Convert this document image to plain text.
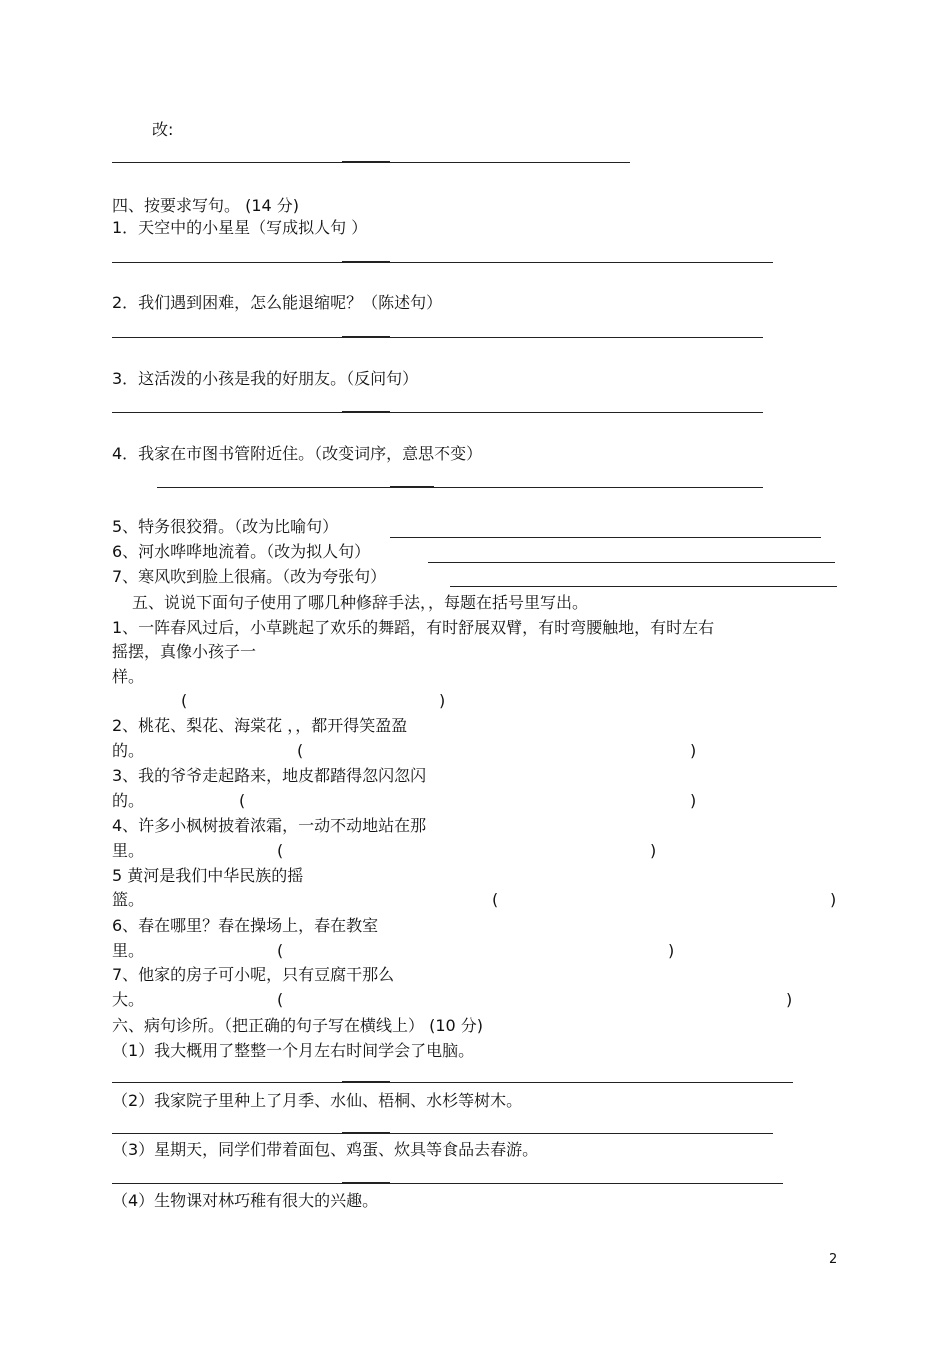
改:
四、按要求写句。 (14 分)
1．天空中的小星星（写成拟人句 ）
2．我们遇到困难，怎么能退缩呢？（陈述句）
3．这活泼的小孩是我的好朋友。（反问句）
4．我家在市图书管附近住。（改变词序，意思不变）
5、特务很狡猾。（改为比喻句）
6、河水哗哗地流着。（改为拟人句）
7、寒风吹到脸上很痛。（改为夸张句）
五、说说下面句子使用了哪几种修辞手法，，每题在括号里写出。
1、一阵春风过后，小草跳起了欢乐的舞蹈，有时舒展双臂，有时弯腰触地，有时左右
摇摆，真像小孩子一
样。
(	)
2、桃花、梨花、海棠花 ，，都开得笑盈盈
的。	(	)
3、我的爷爷走起路来，地皮都踏得忽闪忽闪
的。	(	)
4、许多小枫树披着浓霜，一动不动地站在那
里。	(	)
5 黄河是我们中华民族的摇
篮。	(	)
6、春在哪里？春在操场上，春在教室
里。	(	)
7、他家的房子可小呢，只有豆腐干那么
大。	(	)
六、病句诊所。（把正确的句子写在横线上） (10 分)
（1）我大概用了整整一个月左右时间学会了电脑。
（2）我家院子里种上了月季、水仙、梧桐、水杉等树木。
（3）星期天，同学们带着面包、鸡蛋、炊具等食品去春游。
（4）生物课对林巧稚有很大的兴趣。
2
